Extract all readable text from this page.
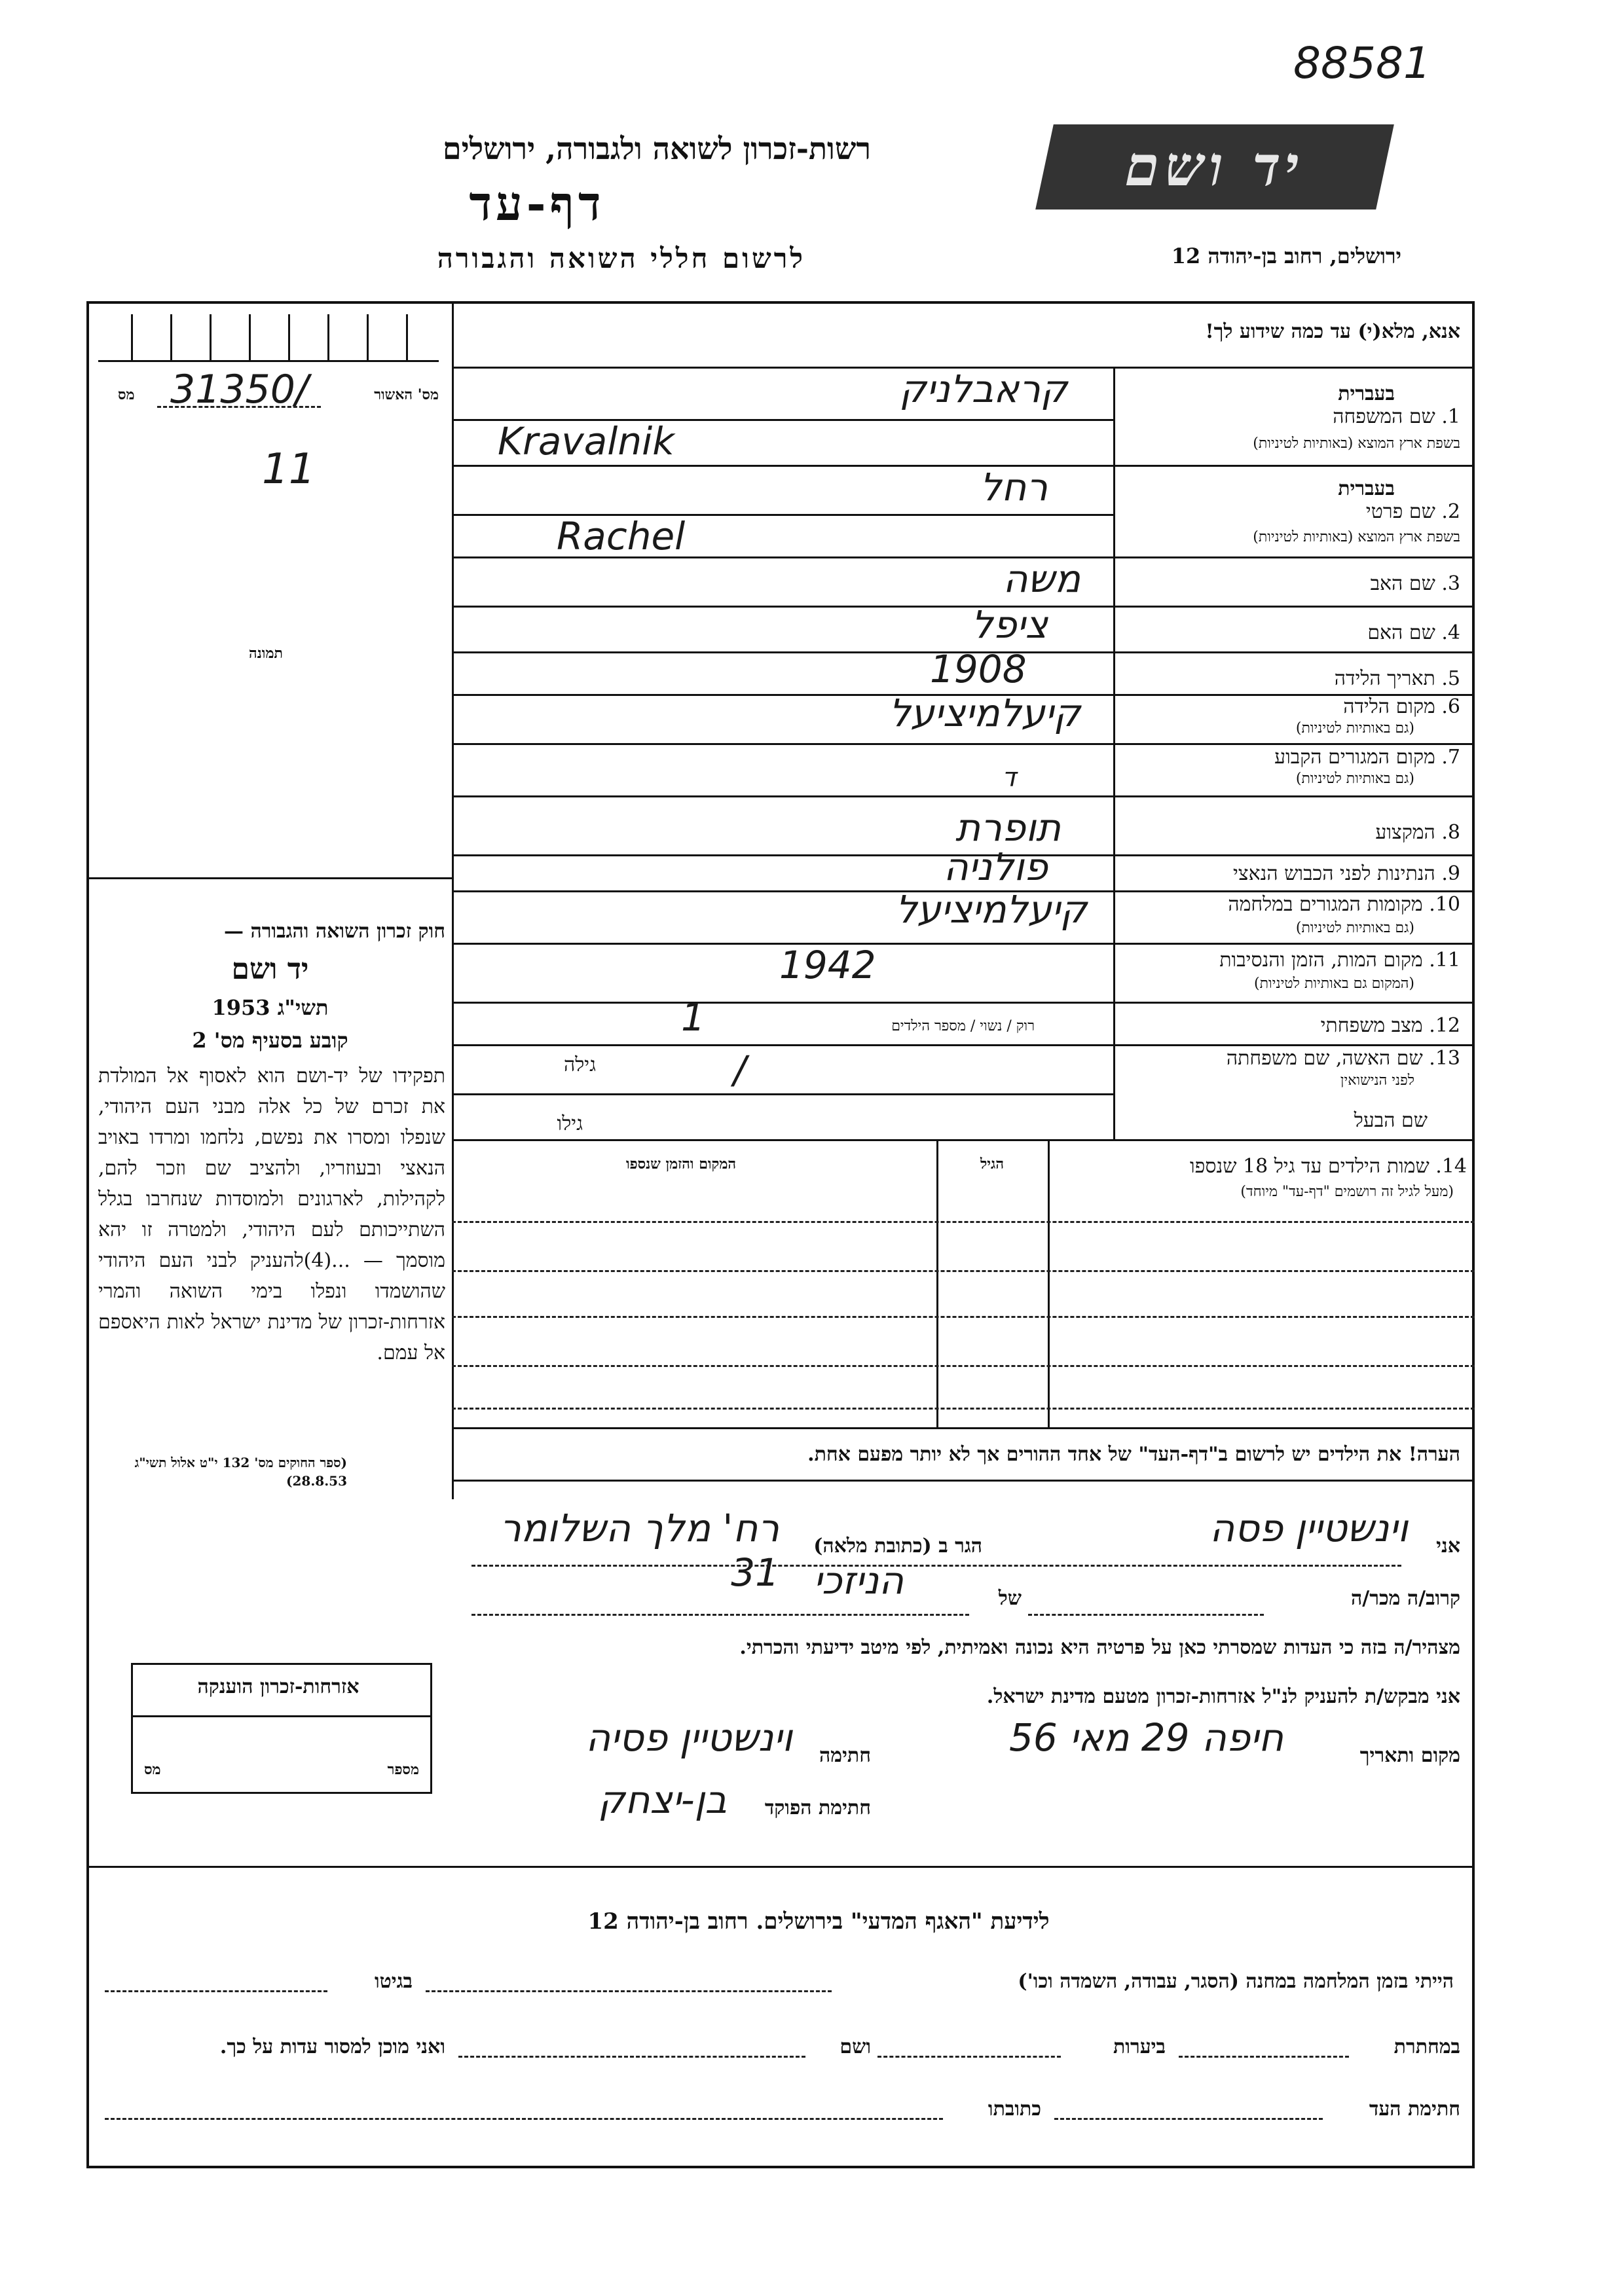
88581
יד ושם
רשות-זכרון לשואה ולגבורה, ירושלים
דף-עד
לרשום חללי השואה והגבורה	ירושלים, רחוב בן-יהודה 12
מס' האשור
מס 31350/
11
תמונה
חוק זכרון השואה והגבורה —
יד ושם
1953 תשי"ג
קובע בסעיף מס' 2
תפקידו של יד-ושם הוא לאסוף אל המולדת את זכרם של כל אלה מבני העם היהודי, שנפלו ומסרו את נפשם, נלחמו ומרדו באויב הנאצי ובעוזריו, ולהציב שם וזכר להם, לקהילות, לארגונים ולמוסדות שנחרבו בגלל השתייכותם לעם היהודי, ולמטרה זו יהא מוסמך — ...(4)להעניק לבני העם היהודי שהושמדו ונפלו בימי השואה והמרי אזרחות-זכרון של מדינת ישראל לאות היאספם אל עמם.
(ספר החוקים מס' 132 י"ט אלול תשי"ג 28.8.53)
אנא, מלא(י) עד כמה שידוע לך!
1. שם המשפחה
בעברית
בשפת ארץ המוצא (באותיות לטיניות)
קראבלניק
Kravalnik
בעברית
2. שם פרטי
בשפת ארץ המוצא (באותיות לטיניות)
רחל
Rachel
3. שם האב
משה
4. שם האם
ציפל
5. תאריך הלידה
1908
6. מקום הלידה
(גם באותיות לטיניות)
קיעלמיציעל
7. מקום המגורים הקבוע
(גם באותיות לטיניות)
ד
8. המקצוע
תופרת
9. הנתינות לפני הכבוש הנאצי
פולניה
10. מקומות המגורים במלחמה
(גם באותיות לטיניות)
קיעלמיציעל
11. מקום המות, הזמן והנסיבות
(המקום גם באותיות לטיניות)
1942
12. מצב משפחתי
רוק / נשוי / מספר הילדים
1
13. שם האשה, שם משפחתה
לפני הנישואין
גילה	/
שם הבעל
גילו
14. שמות הילדים עד גיל 18 שנספו
(מעל לגיל זה רושמים "דף-עד" מיוחד)
הגיל
המקום והזמן שנספו
הערה! את הילדים יש לרשום ב"דף-העד" של אחד ההורים אך לא יותר מפעם אחת.
אני
וינשטיין פסה
הגר ב (כתובת מלאה)
רח' מלך השלומר 31
קרוב/ה מכר/ה
של
הניזכי
מצהיר/ה בזה כי העדות שמסרתי כאן על פרטיה היא נכונה ואמיתית, לפי מיטב ידיעתי והכרתי.
אני מבקש/ת להעניק לנ"ל אזרחות-זכרון מטעם מדינת ישראל.
מקום ותאריך
חיפה 29 מאי 56
חתימה
וינשטיין פסיה
חתימת הפוקד
בן-יצחק
אזרחות-זכרון הוענקה
מספר
מס
לידיעת "האגף המדעי" בירושלים. רחוב בן-יהודה 12
הייתי בזמן המלחמה במחנה (הסגר, עבודה, השמדה וכו')
בגיטו
במחתרת
ביערות
ושם
ואני מוכן למסור עדות על כך.
חתימת העד
כתובתו
